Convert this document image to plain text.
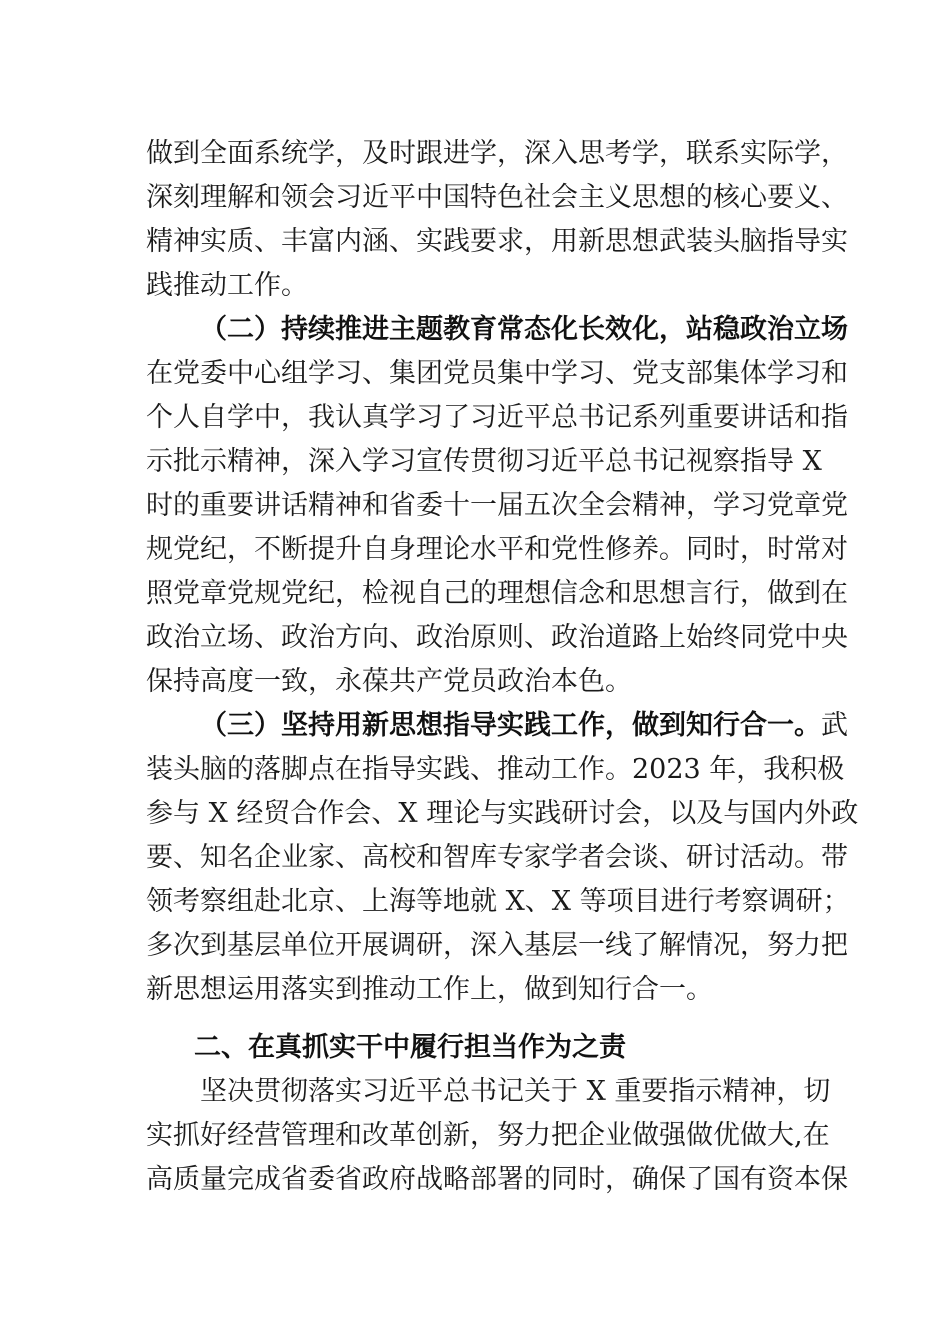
做到全面系统学，及时跟进学，深入思考学，联系实际学，
深刻理解和领会习近平中国特色社会主义思想的核心要义、
精神实质、丰富内涵、实践要求，用新思想武装头脑指导实
践推动工作。
（二）持续推进主题教育常态化长效化，站稳政治立场
在党委中心组学习、集团党员集中学习、党支部集体学习和
个人自学中，我认真学习了习近平总书记系列重要讲话和指
示批示精神，深入学习宣传贯彻习近平总书记视察指导 X
时的重要讲话精神和省委十一届五次全会精神，学习党章党
规党纪，不断提升自身理论水平和党性修养。同时，时常对
照党章党规党纪，检视自己的理想信念和思想言行，做到在
政治立场、政治方向、政治原则、政治道路上始终同党中央
保持高度一致，永葆共产党员政治本色。
（三）坚持用新思想指导实践工作，做到知行合一。武
装头脑的落脚点在指导实践、推动工作。2023 年，我积极
参与 X 经贸合作会、X 理论与实践研讨会，以及与国内外政
要、知名企业家、高校和智库专家学者会谈、研讨活动。带
领考察组赴北京、上海等地就 X、X 等项目进行考察调研；
多次到基层单位开展调研，深入基层一线了解情况，努力把
新思想运用落实到推动工作上，做到知行合一。
二、在真抓实干中履行担当作为之责
坚决贯彻落实习近平总书记关于 X 重要指示精神，切
实抓好经营管理和改革创新，努力把企业做强做优做大,在
高质量完成省委省政府战略部署的同时，确保了国有资本保
